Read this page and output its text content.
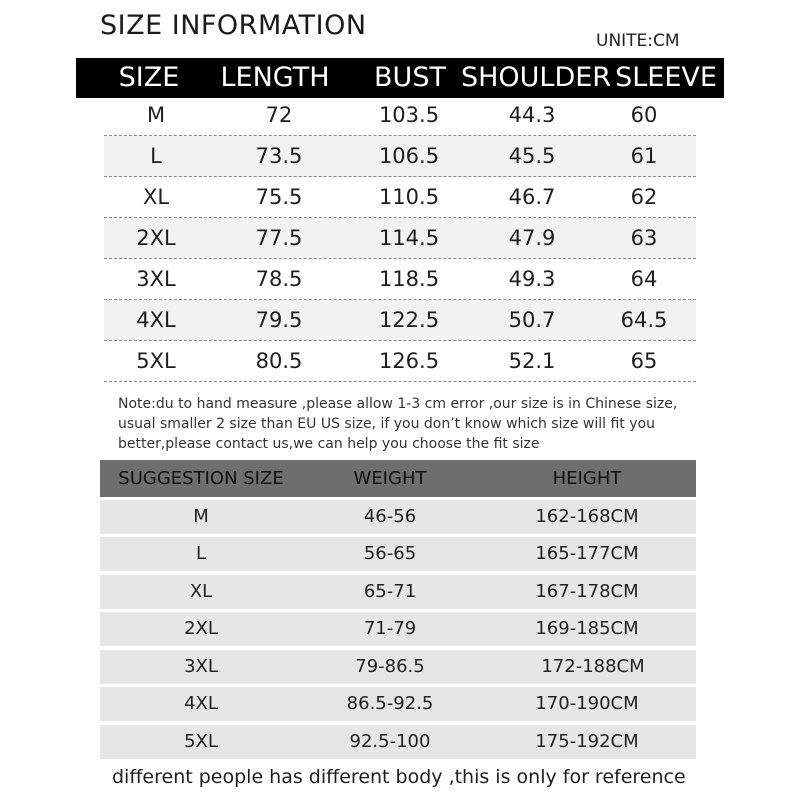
SIZE INFORMATION	UNITE:CM
SIZE LENGTH BUST SHOULDER SLEEVE
M	72	103.5	44.3	60
L	73.5	106.5	45.5	61
XL	75.5	110.5	46.7	62
2XL	77.5	114.5	47.9	63
3XL	78.5	118.5	49.3	64
4XL	79.5	122.5	50.7	64.5
5XL	80.5	126.5	52.1	65
Note:du to hand measure ,please allow 1-3 cm error ,our size is in Chinese size,
usual smaller 2 size than EU US size, if you don’t know which size will fit you
better,please contact us,we can help you choose the fit size
SUGGESTION SIZE	WEIGHT	HEIGHT
M	46-56	162-168CM
L	56-65	165-177CM
XL	65-71	167-178CM
2XL	71-79	169-185CM
3XL	79-86.5	172-188CM
4XL	86.5-92.5	170-190CM
5XL	92.5-100	175-192CM
different people has different body ,this is only for reference
